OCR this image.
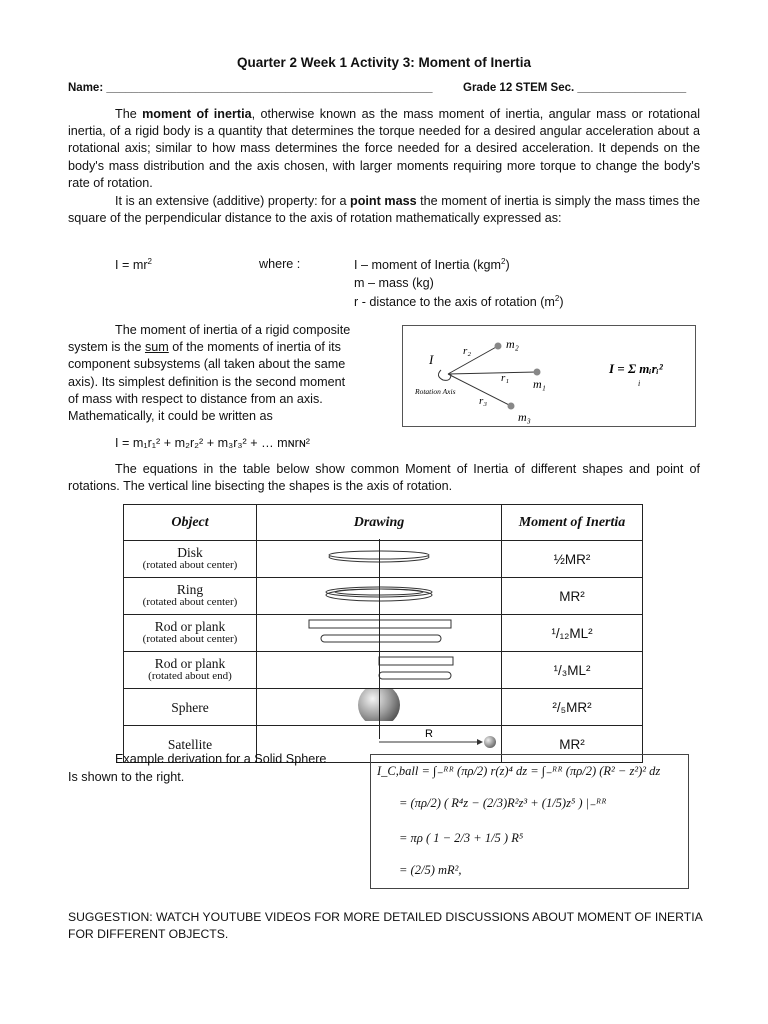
Quarter 2 Week 1 Activity 3: Moment of Inertia
Name: ___________________________________________________	Grade 12 STEM Sec. _________________
The moment of inertia, otherwise known as the mass moment of inertia, angular mass or rotational inertia, of a rigid body is a quantity that determines the torque needed for a desired angular acceleration about a rotational axis; similar to how mass determines the force needed for a desired acceleration. It depends on the body's mass distribution and the axis chosen, with larger moments requiring more torque to change the body's rate of rotation.
It is an extensive (additive) property: for a point mass the moment of inertia is simply the mass times the square of the perpendicular distance to the axis of rotation mathematically expressed as:
$I = mr^2$	where :	I – moment of Inertia (kgm$^2$)
m – mass (kg)
r - distance to the axis of rotation $(m^2)$
The moment of inertia of a rigid composite
system is the sum of the moments of inertia of its
component subsystems (all taken about the same
axis). Its simplest definition is the second moment
of mass with respect to distance from an axis.
Mathematically, it could be written as
I = m₁r₁² + m₂r₂² + m₃r₃² + … mɴrɴ²
I
Rotation Axis
r₁
r₂
r₃
m₁
m₂
m₃
I = Σ mᵢrᵢ²
i
The equations in the table below show common Moment of Inertia of different shapes and point of rotations. The vertical line bisecting the shapes is the axis of rotation.
Object	Drawing	Moment of Inertia
Disk
(rotated about center)		½MR²
Ring
(rotated about center)		MR²
Rod or plank
(rotated about center)		¹/₁₂ML²
Rod or plank
(rotated about end)		¹/₃ML²
Sphere		²/₅MR²
Satellite	R	MR²
Example derivation for a Solid Sphere
Is shown to the right.	I_C,ball = ∫₋ᴿᴿ (πρ/2) r(z)⁴ dz = ∫₋ᴿᴿ (πρ/2) (R² − z²)² dz
= (πρ/2) ( R⁴z − (2/3)R²z³ + (1/5)z⁵ ) |₋ᴿᴿ
= πρ ( 1 − 2/3 + 1/5 ) R⁵
= (2/5) mR²,
SUGGESTION: WATCH YOUTUBE VIDEOS FOR MORE DETAILED DISCUSSIONS ABOUT MOMENT OF INERTIA FOR DIFFERENT OBJECTS.
